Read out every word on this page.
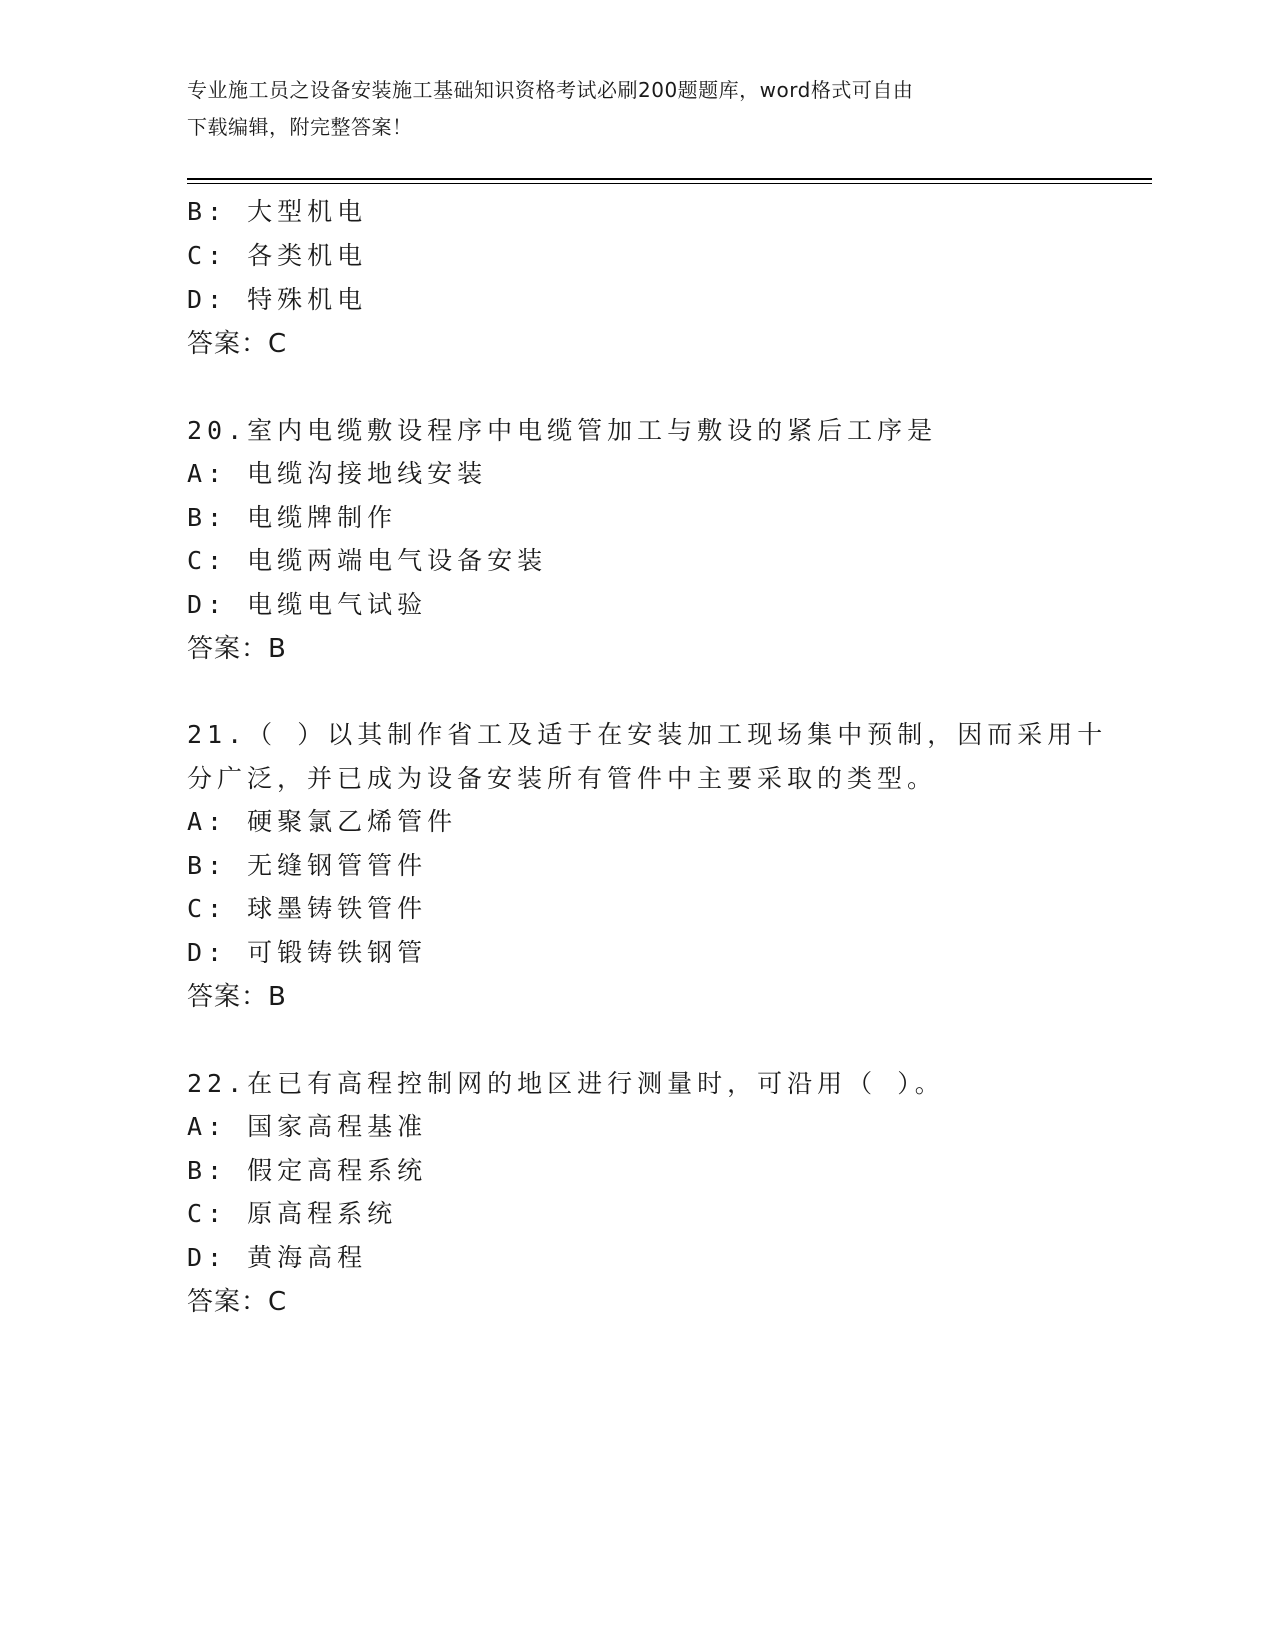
专业施工员之设备安装施工基础知识资格考试必刷200题题库，word格式可自由
下载编辑，附完整答案！
B: 大型机电
C: 各类机电
D: 特殊机电
答案：C
20.室内电缆敷设程序中电缆管加工与敷设的紧后工序是
A: 电缆沟接地线安装
B: 电缆牌制作
C: 电缆两端电气设备安装
D: 电缆电气试验
答案：B
21.（ ）以其制作省工及适于在安装加工现场集中预制，因而采用十
分广泛，并已成为设备安装所有管件中主要采取的类型。
A: 硬聚氯乙烯管件
B: 无缝钢管管件
C: 球墨铸铁管件
D: 可锻铸铁钢管
答案：B
22.在已有高程控制网的地区进行测量时，可沿用（ ）。
A: 国家高程基准
B: 假定高程系统
C: 原高程系统
D: 黄海高程
答案：C
